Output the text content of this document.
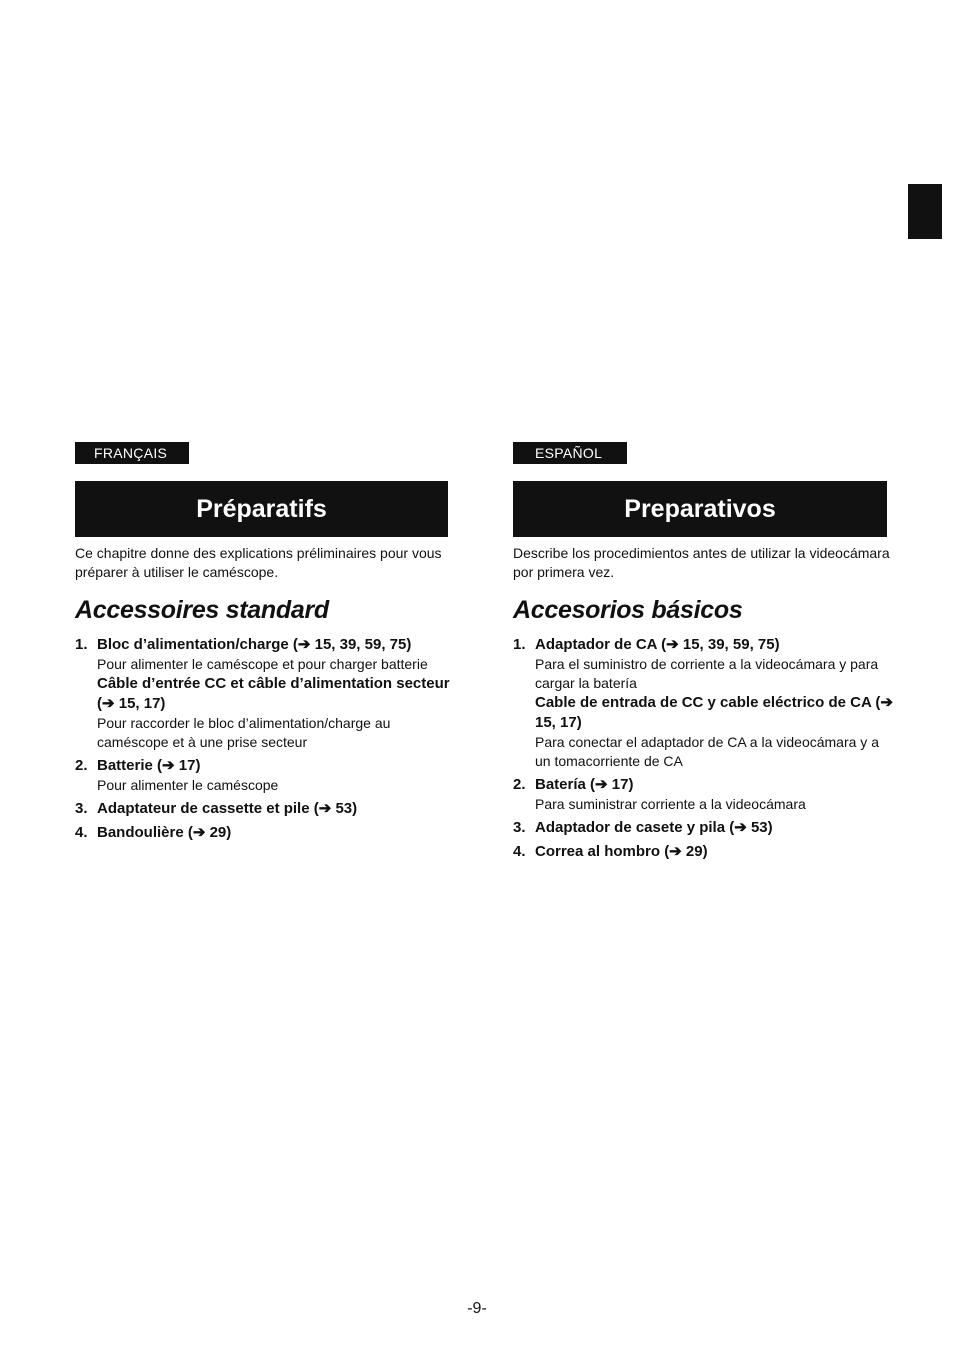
FRANÇAIS
Préparatifs
Ce chapitre donne des explications préliminaires pour vous préparer à utiliser le caméscope.
Accessoires standard
1. Bloc d’alimentation/charge (➔ 15, 39, 59, 75)
Pour alimenter le caméscope et pour charger batterie
Câble d’entrée CC et câble d’alimentation secteur (➔ 15, 17)
Pour raccorder le bloc d’alimentation/charge au caméscope et à une prise secteur
2. Batterie (➔ 17)
Pour alimenter le caméscope
3. Adaptateur de cassette et pile (➔ 53)
4. Bandoulière (➔ 29)
ESPAÑOL
Preparativos
Describe los procedimientos antes de utilizar la videocámara por primera vez.
Accesorios básicos
1. Adaptador de CA (➔ 15, 39, 59, 75)
Para el suministro de corriente a la videocámara y para cargar la batería
Cable de entrada de CC y cable eléctrico de CA (➔ 15, 17)
Para conectar el adaptador de CA a la videocámara y a un tomacorriente de CA
2. Batería (➔ 17)
Para suministrar corriente a la videocámara
3. Adaptador de casete y pila (➔ 53)
4. Correa al hombro (➔ 29)
-9-
